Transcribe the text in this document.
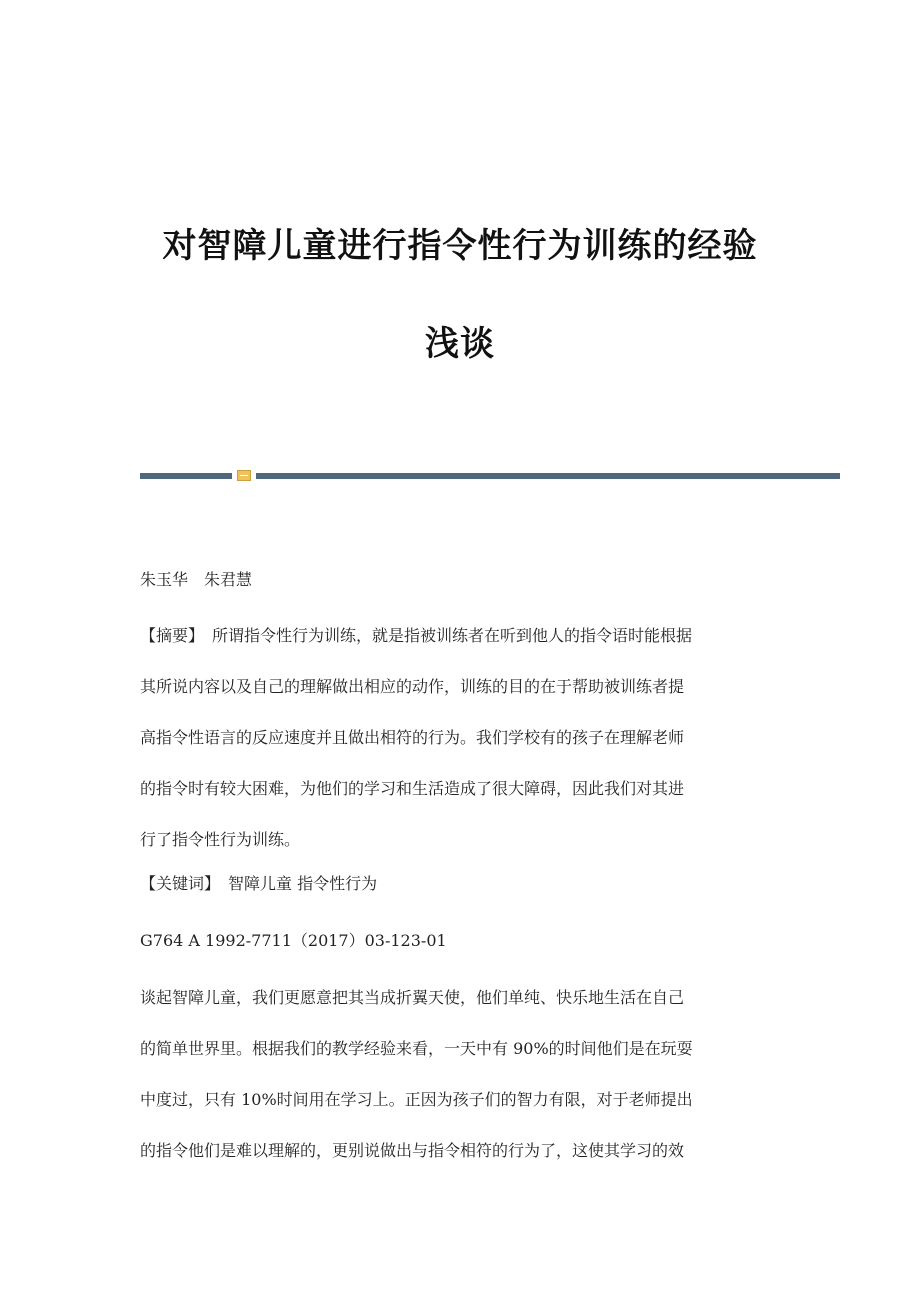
对智障儿童进行指令性行为训练的经验
浅谈

朱玉华　朱君慧

【摘要】 所谓指令性行为训练，就是指被训练者在听到他人的指令语时能根据
其所说内容以及自己的理解做出相应的动作，训练的目的在于帮助被训练者提
高指令性语言的反应速度并且做出相符的行为。我们学校有的孩子在理解老师
的指令时有较大困难，为他们的学习和生活造成了很大障碍，因此我们对其进
行了指令性行为训练。

【关键词】 智障儿童 指令性行为

G764 A 1992-7711（2017）03-123-01

谈起智障儿童，我们更愿意把其当成折翼天使，他们单纯、快乐地生活在自己
的简单世界里。根据我们的教学经验来看，一天中有 90%的时间他们是在玩耍
中度过，只有 10%时间用在学习上。正因为孩子们的智力有限，对于老师提出
的指令他们是难以理解的，更别说做出与指令相符的行为了，这使其学习的效
